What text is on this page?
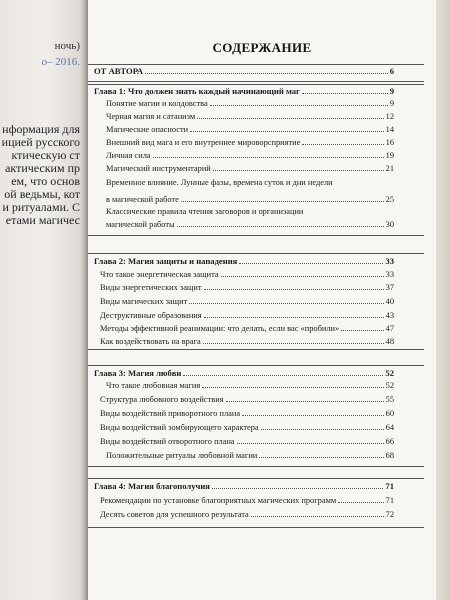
ночь)
о– 2016.
нформация для
ицией русского
ктическую ст
актическим пр
ем, что основ
ой ведьмы, кот
и ритуалами. С
етами магичес
СОДЕРЖАНИЕ
ОТ АВТОРА	6
Глава 1: Что должен знать каждый начинающий маг	9
Понятие магии и колдовства	9
Черная магия и сатанизм	12
Магические опасности	14
Внешний вид мага и его внутреннее мироворсприятие	16
Личная сила	19
Магический инструментарий	21
Временное влияние. Лунные фазы, времена суток и дни недели
в магической работе	25
Классические правила чтения заговоров и организации
магической работы	30
Глава 2: Магия защиты и нападения	33
Что такое энергетическая защита	33
Виды энергетических защит	37
Виды магических защит	40
Деструктивные образования	43
Методы эффективной реанимации: что делать, если вас «пробили»	47
Как воздействовать на врага	48
Глава 3: Магия любви	52
Что такое любовная магия	52
Структура любовного воздействия	55
Виды воздействий приворотного плана	60
Виды воздействий зомбирующего характера	64
Виды воздействий отворотного плана	66
Положительные ритуалы любовной магии	68
Глава 4: Магия благополучия	71
Рекомендации по установке благоприятных магических программ	71
Десять советов для успешного результата	72
